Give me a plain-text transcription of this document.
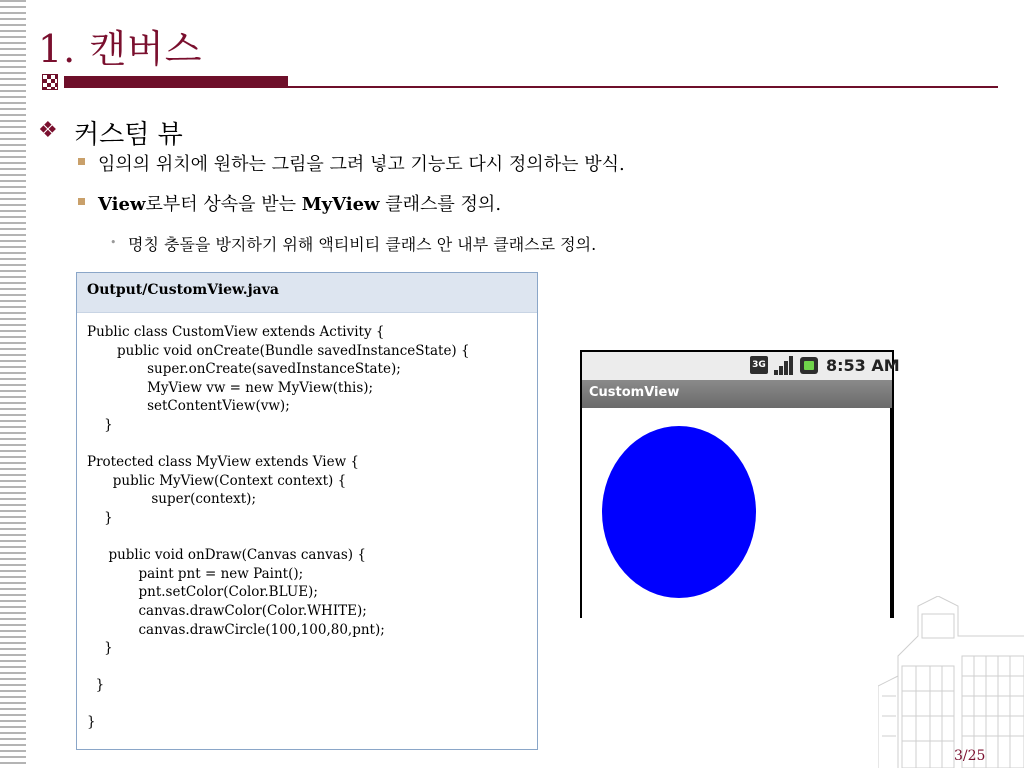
1. 캔버스
❖ 커스텀 뷰
임의의 위치에 원하는 그림을 그려 넣고 기능도 다시 정의하는 방식.
View로부터 상속을 받는 MyView 클래스를 정의.
• 명칭 충돌을 방지하기 위해 액티비티 클래스 안 내부 클래스로 정의.
Output/CustomView.java
Public class CustomView extends Activity {
public void onCreate(Bundle savedInstanceState) {
super.onCreate(savedInstanceState);
MyView vw = new MyView(this);
setContentView(vw);
}

Protected class MyView extends View {
public MyView(Context context) {
super(context);
}

public void onDraw(Canvas canvas) {
paint pnt = new Paint();
pnt.setColor(Color.BLUE);
canvas.drawColor(Color.WHITE);
canvas.drawCircle(100,100,80,pnt);
}

}

}
3G	8:53 AM
CustomView
3/25
